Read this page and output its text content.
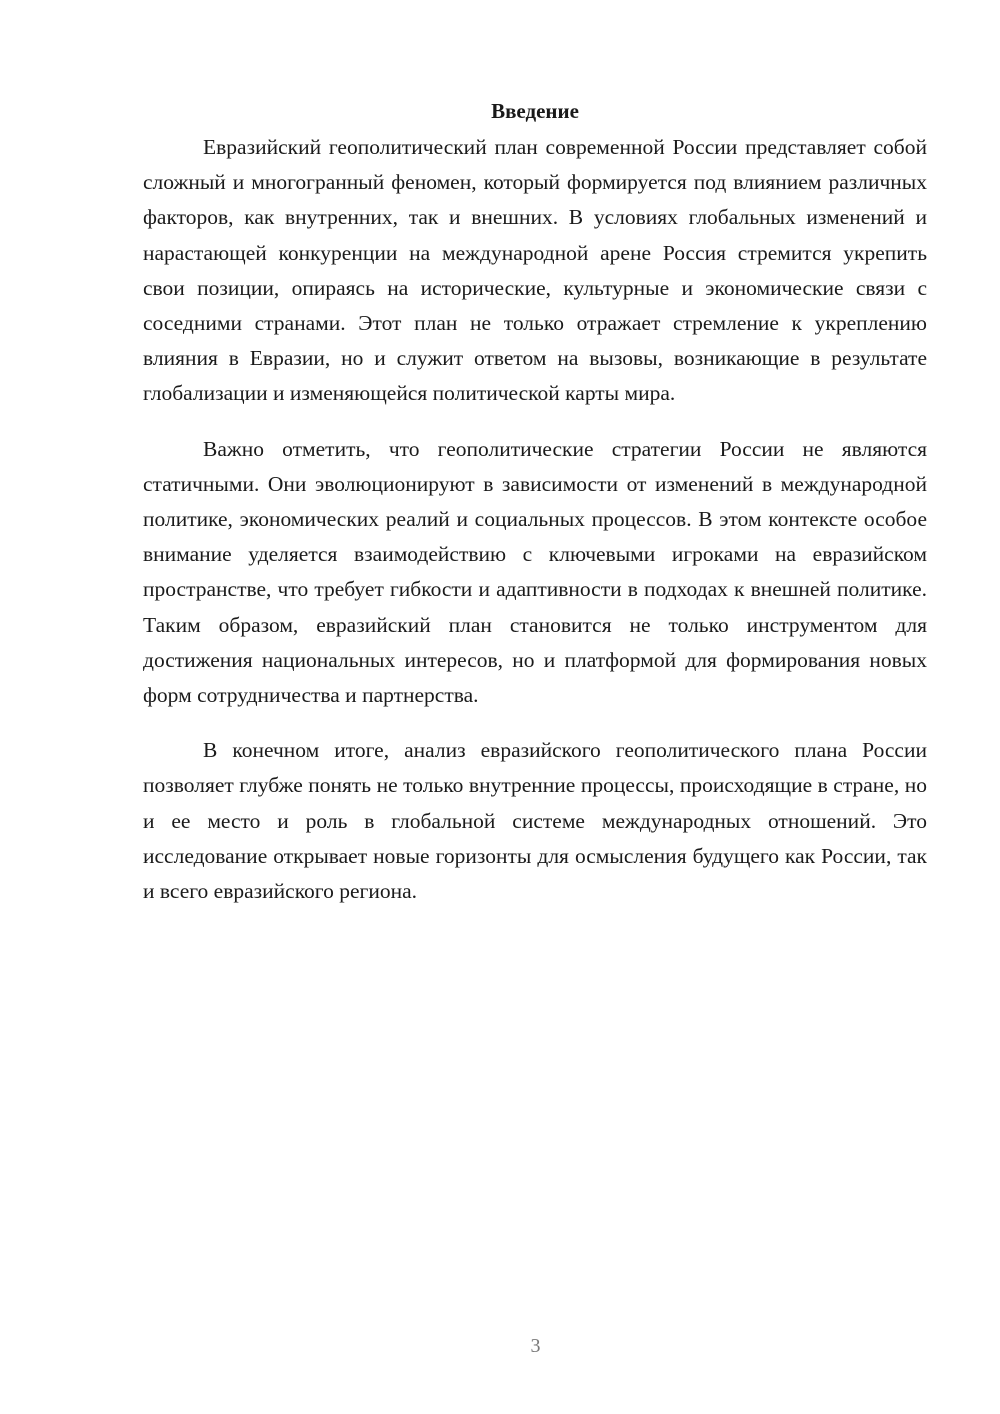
Введение

Евразийский геополитический план современной России представляет собой сложный и многогранный феномен, который формируется под влиянием различных факторов, как внутренних, так и внешних. В условиях глобальных изменений и нарастающей конкуренции на международной арене Россия стремится укрепить свои позиции, опираясь на исторические, культурные и экономические связи с соседними странами. Этот план не только отражает стремление к укреплению влияния в Евразии, но и служит ответом на вызовы, возникающие в результате глобализации и изменяющейся политической карты мира.

Важно отметить, что геополитические стратегии России не являются статичными. Они эволюционируют в зависимости от изменений в международной политике, экономических реалий и социальных процессов. В этом контексте особое внимание уделяется взаимодействию с ключевыми игроками на евразийском пространстве, что требует гибкости и адаптивности в подходах к внешней политике. Таким образом, евразийский план становится не только инструментом для достижения национальных интересов, но и платформой для формирования новых форм сотрудничества и партнерства.

В конечном итоге, анализ евразийского геополитического плана России позволяет глубже понять не только внутренние процессы, происходящие в стране, но и ее место и роль в глобальной системе международных отношений. Это исследование открывает новые горизонты для осмысления будущего как России, так и всего евразийского региона.

3
